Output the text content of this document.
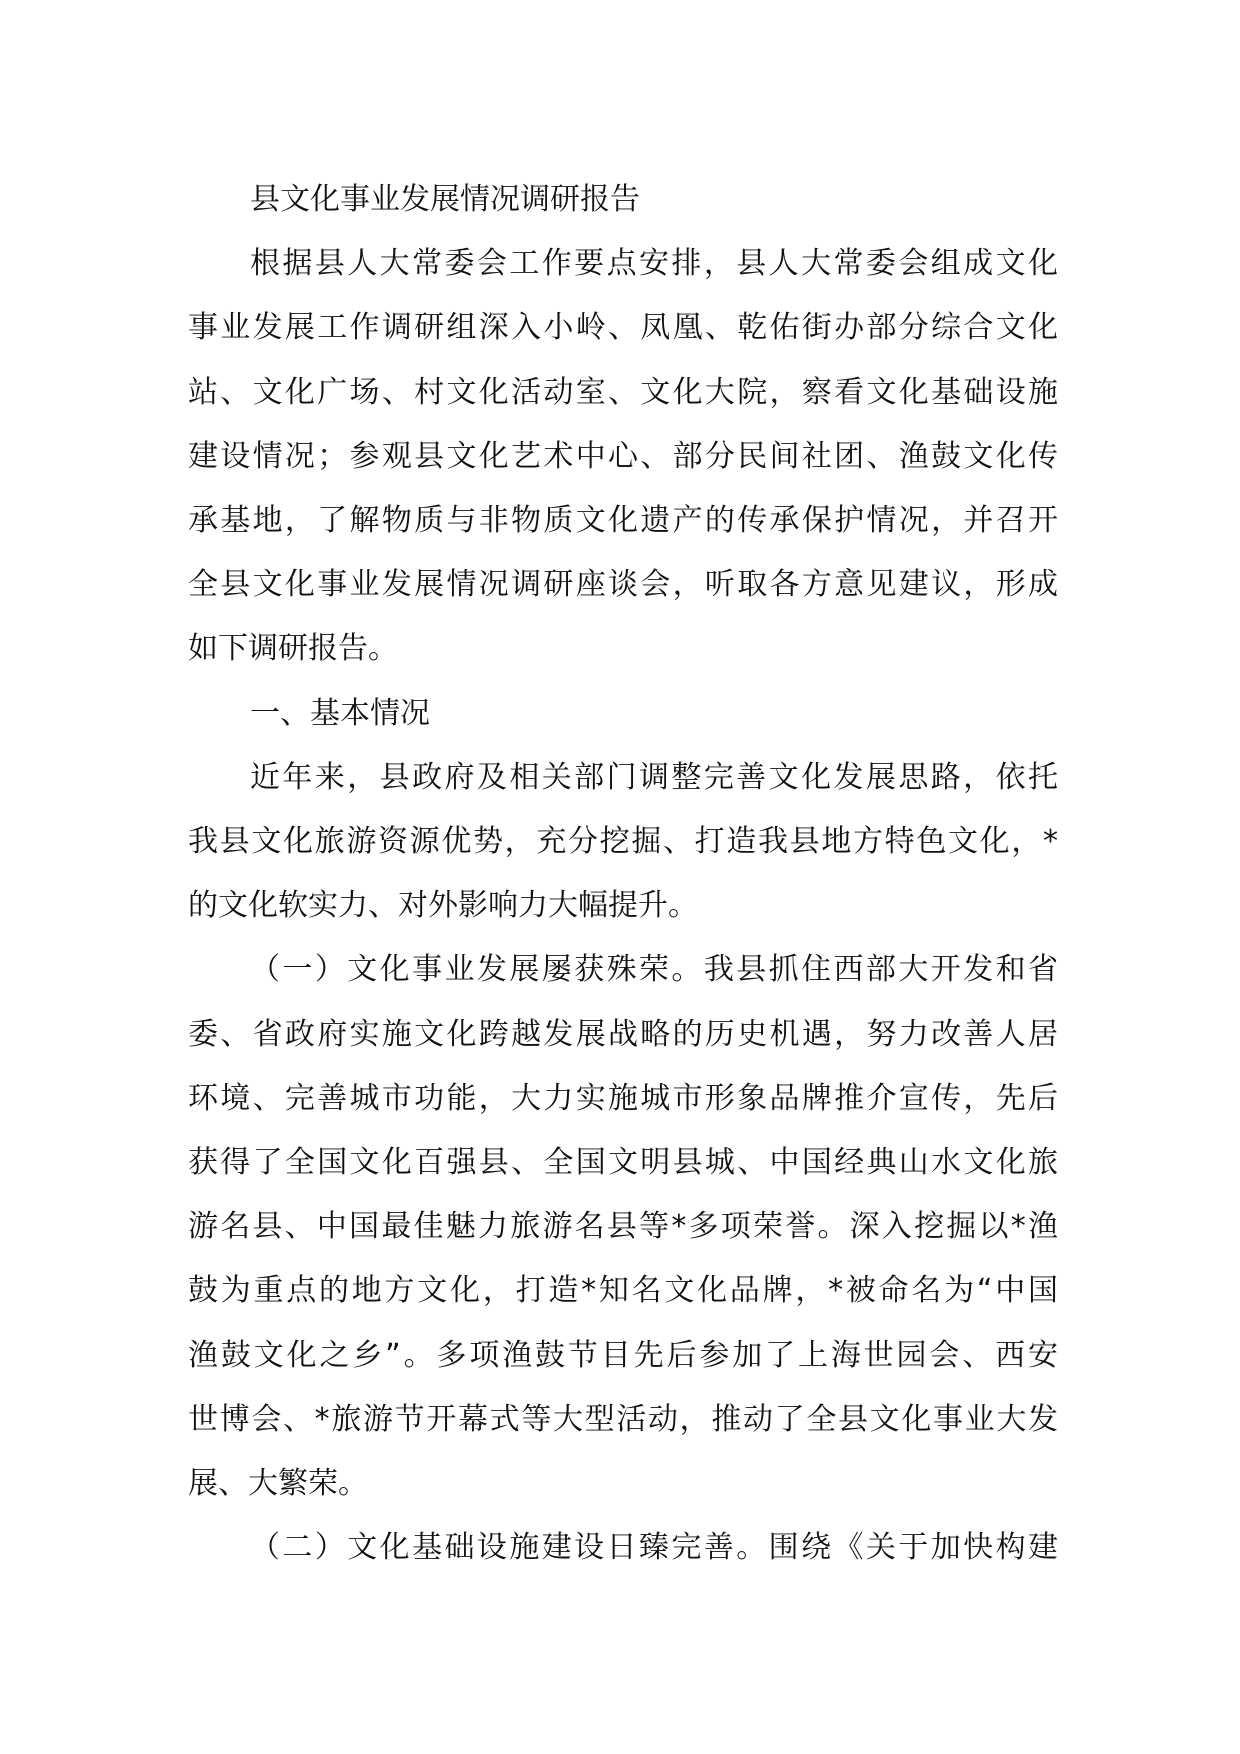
县文化事业发展情况调研报告
根据县人大常委会工作要点安排，县人大常委会组成文化
事业发展工作调研组深入小岭、凤凰、乾佑街办部分综合文化
站、文化广场、村文化活动室、文化大院，察看文化基础设施
建设情况；参观县文化艺术中心、部分民间社团、渔鼓文化传
承基地，了解物质与非物质文化遗产的传承保护情况，并召开
全县文化事业发展情况调研座谈会，听取各方意见建议，形成
如下调研报告。
一、基本情况
近年来，县政府及相关部门调整完善文化发展思路，依托
我县文化旅游资源优势，充分挖掘、打造我县地方特色文化，*
的文化软实力、对外影响力大幅提升。
（一）文化事业发展屡获殊荣。我县抓住西部大开发和省
委、省政府实施文化跨越发展战略的历史机遇，努力改善人居
环境、完善城市功能，大力实施城市形象品牌推介宣传，先后
获得了全国文化百强县、全国文明县城、中国经典山水文化旅
游名县、中国最佳魅力旅游名县等*多项荣誉。深入挖掘以*渔
鼓为重点的地方文化，打造*知名文化品牌，*被命名为“中国
渔鼓文化之乡”。多项渔鼓节目先后参加了上海世园会、西安
世博会、*旅游节开幕式等大型活动，推动了全县文化事业大发
展、大繁荣。
（二）文化基础设施建设日臻完善。围绕《关于加快构建
